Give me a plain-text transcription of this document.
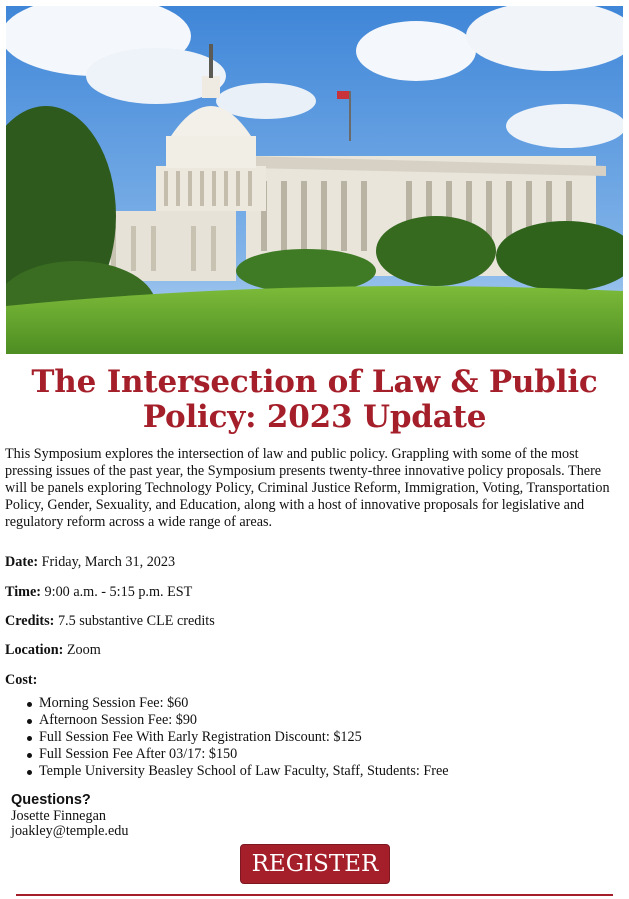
The Intersection of Law & Public Policy: 2023 Update
This Symposium explores the intersection of law and public policy. Grappling with some of the most pressing issues of the past year, the Symposium presents twenty-three innovative policy proposals. There will be panels exploring Technology Policy, Criminal Justice Reform, Immigration, Voting, Transportation Policy, Gender, Sexuality, and Education, along with a host of innovative proposals for legislative and regulatory reform across a wide range of areas.
Date: Friday, March 31, 2023
Time: 9:00 a.m. - 5:15 p.m. EST
Credits: 7.5 substantive CLE credits
Location: Zoom
Cost:
Morning Session Fee: $60
Afternoon Session Fee: $90
Full Session Fee With Early Registration Discount: $125
Full Session Fee After 03/17: $150
Temple University Beasley School of Law Faculty, Staff, Students: Free
Questions?
Josette Finnegan
joakley@temple.edu
REGISTER
